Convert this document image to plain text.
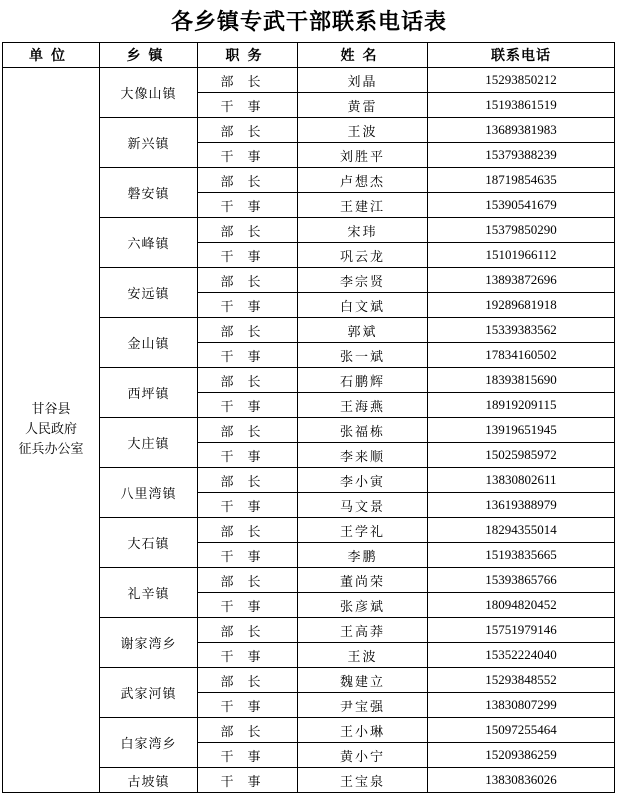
各乡镇专武干部联系电话表
单位	乡镇	职务	姓名	联系电话

甘谷县
人民政府
征兵办公室	大像山镇	部长	刘晶	15293850212
		干事	黄雷	15193861519
	新兴镇	部长	王波	13689381983
		干事	刘胜平	15379388239
	磐安镇	部长	卢想杰	18719854635
		干事	王建江	15390541679
	六峰镇	部长	宋玮	15379850290
		干事	巩云龙	15101966112
	安远镇	部长	李宗贤	13893872696
		干事	白文斌	19289681918
	金山镇	部长	郭斌	15339383562
		干事	张一斌	17834160502
	西坪镇	部长	石鹏辉	18393815690
		干事	王海燕	18919209115
	大庄镇	部长	张福栋	13919651945
		干事	李来顺	15025985972
	八里湾镇	部长	李小寅	13830802611
		干事	马文景	13619388979
	大石镇	部长	王学礼	18294355014
		干事	李鹏	15193835665
	礼辛镇	部长	董尚荣	15393865766
		干事	张彦斌	18094820452
	谢家湾乡	部长	王高莽	15751979146
		干事	王波	15352224040
	武家河镇	部长	魏建立	15293848552
		干事	尹宝强	13830807299
	白家湾乡	部长	王小琳	15097255464
		干事	黄小宁	15209386259
	古坡镇	干事	王宝泉	13830836026
